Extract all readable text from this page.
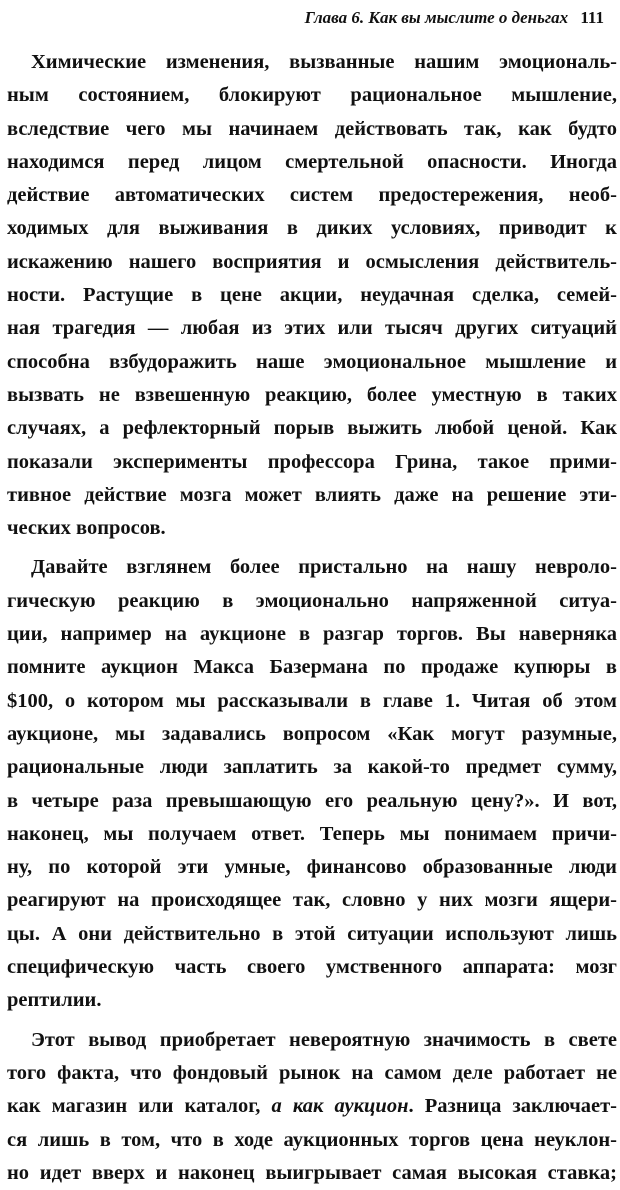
Глава 6. Как вы мыслите о деньгах 111
Химические изменения, вызванные нашим эмоциональ-
ным состоянием, блокируют рациональное мышление,
вследствие чего мы начинаем действовать так, как будто
находимся перед лицом смертельной опасности. Иногда
действие автоматических систем предостережения, необ-
ходимых для выживания в диких условиях, приводит к
искажению нашего восприятия и осмысления действитель-
ности. Растущие в цене акции, неудачная сделка, семей-
ная трагедия — любая из этих или тысяч других ситуаций
способна взбудоражить наше эмоциональное мышление и
вызвать не взвешенную реакцию, более уместную в таких
случаях, а рефлекторный порыв выжить любой ценой. Как
показали эксперименты профессора Грина, такое прими-
тивное действие мозга может влиять даже на решение эти-
ческих вопросов.
Давайте взглянем более пристально на нашу невроло-
гическую реакцию в эмоционально напряженной ситуа-
ции, например на аукционе в разгар торгов. Вы наверняка
помните аукцион Макса Базермана по продаже купюры в
$100, о котором мы рассказывали в главе 1. Читая об этом
аукционе, мы задавались вопросом «Как могут разумные,
рациональные люди заплатить за какой-то предмет сумму,
в четыре раза превышающую его реальную цену?». И вот,
наконец, мы получаем ответ. Теперь мы понимаем причи-
ну, по которой эти умные, финансово образованные люди
реагируют на происходящее так, словно у них мозги ящери-
цы. А они действительно в этой ситуации используют лишь
специфическую часть своего умственного аппарата: мозг
рептилии.
Этот вывод приобретает невероятную значимость в свете
того факта, что фондовый рынок на самом деле работает не
как магазин или каталог, а как аукцион. Разница заключает-
ся лишь в том, что в ходе аукционных торгов цена неуклон-
но идет вверх и наконец выигрывает самая высокая ставка;
